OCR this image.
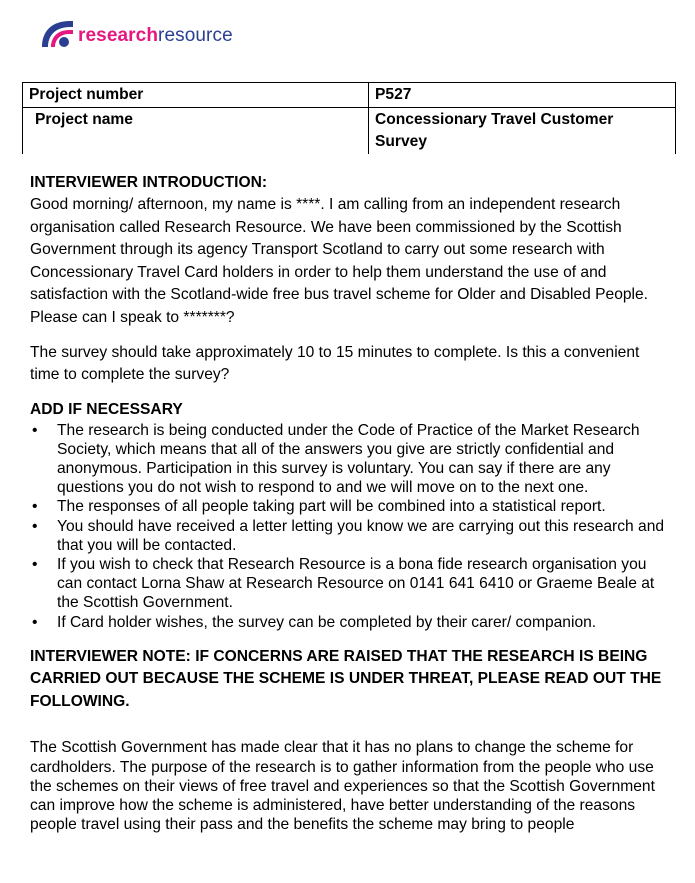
researchresource
Project number	P527
Project name	Concessionary Travel Customer Survey
INTERVIEWER INTRODUCTION:

Good morning/ afternoon, my name is ****. I am calling from an independent research organisation called Research Resource. We have been commissioned by the Scottish Government through its agency Transport Scotland to carry out some research with Concessionary Travel Card holders in order to help them understand the use of and satisfaction with the Scotland-wide free bus travel scheme for Older and Disabled People. Please can I speak to *******?

The survey should take approximately 10 to 15 minutes to complete. Is this a convenient time to complete the survey?

ADD IF NECESSARY
• The research is being conducted under the Code of Practice of the Market Research Society, which means that all of the answers you give are strictly confidential and anonymous. Participation in this survey is voluntary. You can say if there are any questions you do not wish to respond to and we will move on to the next one.
• The responses of all people taking part will be combined into a statistical report.
• You should have received a letter letting you know we are carrying out this research and that you will be contacted.
• If you wish to check that Research Resource is a bona fide research organisation you can contact Lorna Shaw at Research Resource on 0141 641 6410 or Graeme Beale at the Scottish Government.
• If Card holder wishes, the survey can be completed by their carer/ companion.

INTERVIEWER NOTE: IF CONCERNS ARE RAISED THAT THE RESEARCH IS BEING CARRIED OUT BECAUSE THE SCHEME IS UNDER THREAT, PLEASE READ OUT THE FOLLOWING.

The Scottish Government has made clear that it has no plans to change the scheme for cardholders. The purpose of the research is to gather information from the people who use the schemes on their views of free travel and experiences so that the Scottish Government can improve how the scheme is administered, have better understanding of the reasons people travel using their pass and the benefits the scheme may bring to people
